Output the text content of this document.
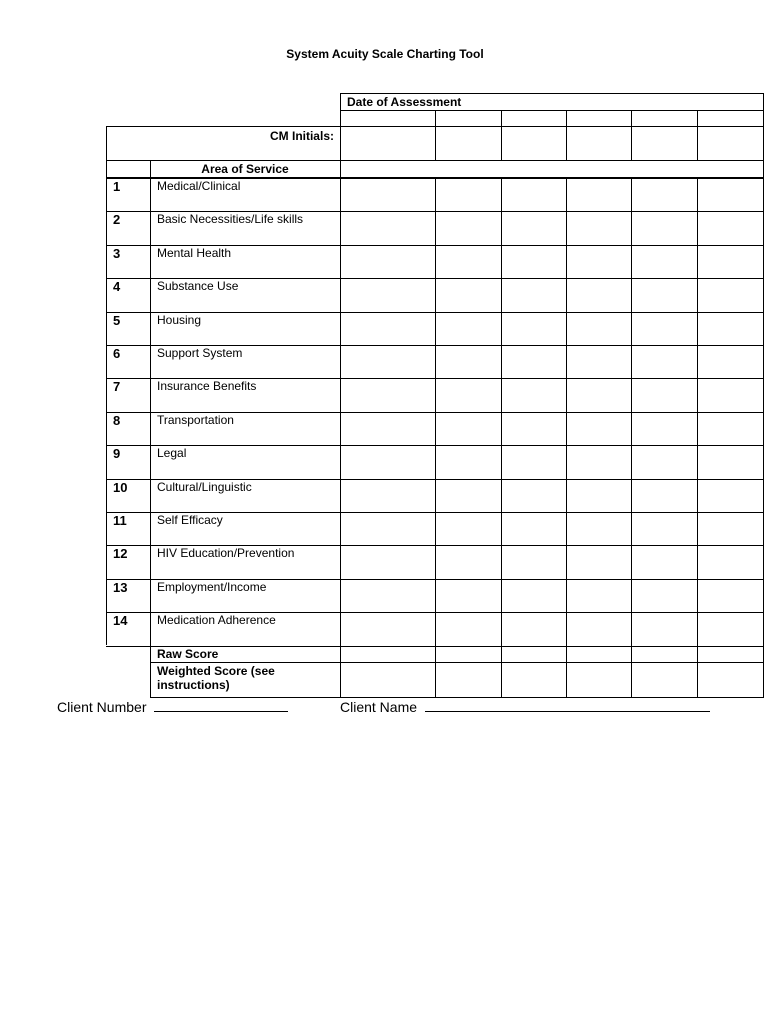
System Acuity Scale Charting Tool
Date of Assessment
CM Initials:
Area of Service
1	Medical/Clinical
2	Basic Necessities/Life skills
3	Mental Health
4	Substance Use
5	Housing
6	Support System
7	Insurance Benefits
8	Transportation
9	Legal
10 Cultural/Linguistic
11	Self Efficacy
12 HIV Education/Prevention
13 Employment/Income
14 Medication Adherence
Raw Score
Weighted Score (see instructions)
Client Number	Client Name
